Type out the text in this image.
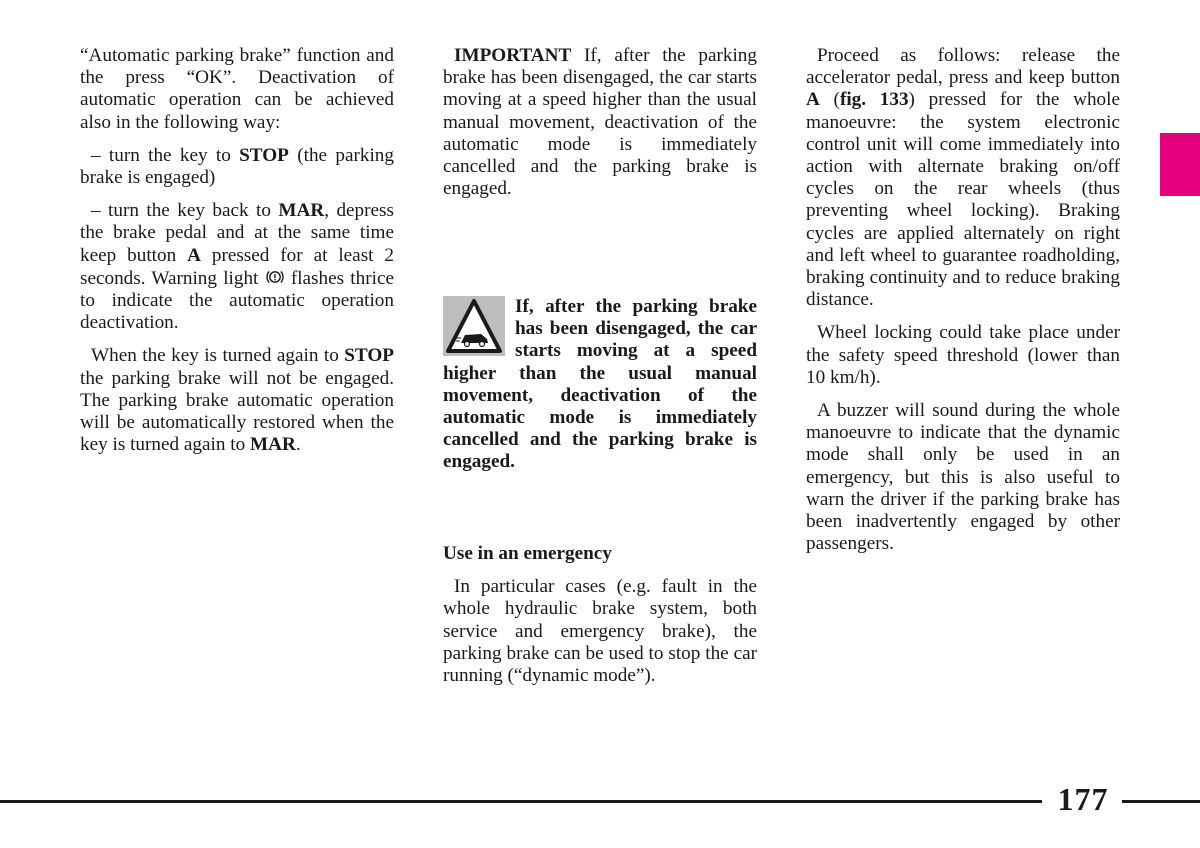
“Automatic parking brake” function and the press “OK”. Deactivation of automatic operation can be achieved also in the following way:

– turn the key to STOP (the parking brake is engaged)

– turn the key back to MAR, depress the brake pedal and at the same time keep button A pressed for at least 2 seconds. Warning light  flashes thrice to indicate the automatic operation deactivation.

When the key is turned again to STOP the parking brake will not be engaged. The parking brake automatic operation will be automatically restored when the key is turned again to MAR.

IMPORTANT If, after the parking brake has been disengaged, the car starts moving at a speed higher than the usual manual movement, deactivation of the automatic mode is immediately cancelled and the parking brake is engaged.

If, after the parking brake has been disengaged, the car starts moving at a speed higher than the usual manual movement, deactivation of the automatic mode is immediately cancelled and the parking brake is engaged.

Use in an emergency

In particular cases (e.g. fault in the whole hydraulic brake system, both service and emergency brake), the parking brake can be used to stop the car running (“dynamic mode”).

Proceed as follows: release the accelerator pedal, press and keep button A (fig. 133) pressed for the whole manoeuvre: the system electronic control unit will come immediately into action with alternate braking on/off cycles on the rear wheels (thus preventing wheel locking). Braking cycles are applied alternately on right and left wheel to guarantee roadholding, braking continuity and to reduce braking distance.

Wheel locking could take place under the safety speed threshold (lower than 10 km/h).

A buzzer will sound during the whole manoeuvre to indicate that the dynamic mode shall only be used in an emergency, but this is also useful to warn the driver if the parking brake has been inadvertently engaged by other passengers.

177
